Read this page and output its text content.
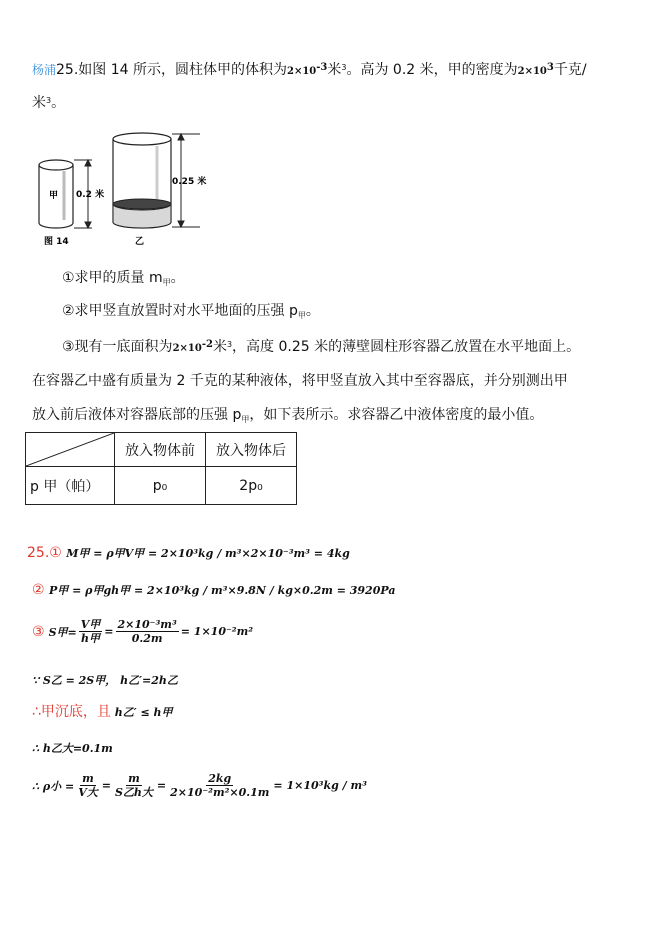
杨浦25.如图 14 所示，圆柱体甲的体积为$2\times 10^{-3}$米$^3$。高为 0.2 米，甲的密度为$2\times 10^3$千克/
米$^3$。
甲 0.2 米
0.25 米
图 14	乙
①求甲的质量 $m_甲$。
②求甲竖直放置时对水平地面的压强 $p_甲$。
③现有一底面积为$2\times 10^{-2}$米$^3$，高度 0.25 米的薄壁圆柱形容器乙放置在水平地面上。
在容器乙中盛有质量为 2 千克的某种液体，将甲竖直放入其中至容器底，并分别测出甲
放入前后液体对容器底部的压强 $p_甲$，如下表所示。求容器乙中液体密度的最小值。
	放入物体前	放入物体后
p 甲（帕）	p₀	2p₀
25.① M甲 = ρ甲V甲 = 2×10³kg / m³×2×10⁻³m³ = 4kg
② P甲 = ρ甲gh甲 = 2×10³kg / m³×9.8N / kg×0.2m = 3920Pa
③ S甲= $\frac{\text{V甲}}{\text{h甲}} = \frac{\text{2×10⁻³m³}}{0.2m} = 1\times 10^{-2}m^2$
∵ S乙 = 2S甲， h乙′=2h乙
∴甲沉底，且 h乙′ ≤ h甲
∴ h乙大=0.1m
∴ ρ小 = $\frac{m}{\text{V大}} = \frac{m}{\text{S乙h大}} = \frac{2kg}{\text{2×10⁻²m²×0.1m}} = 1\times 10^3kg / m^3$
